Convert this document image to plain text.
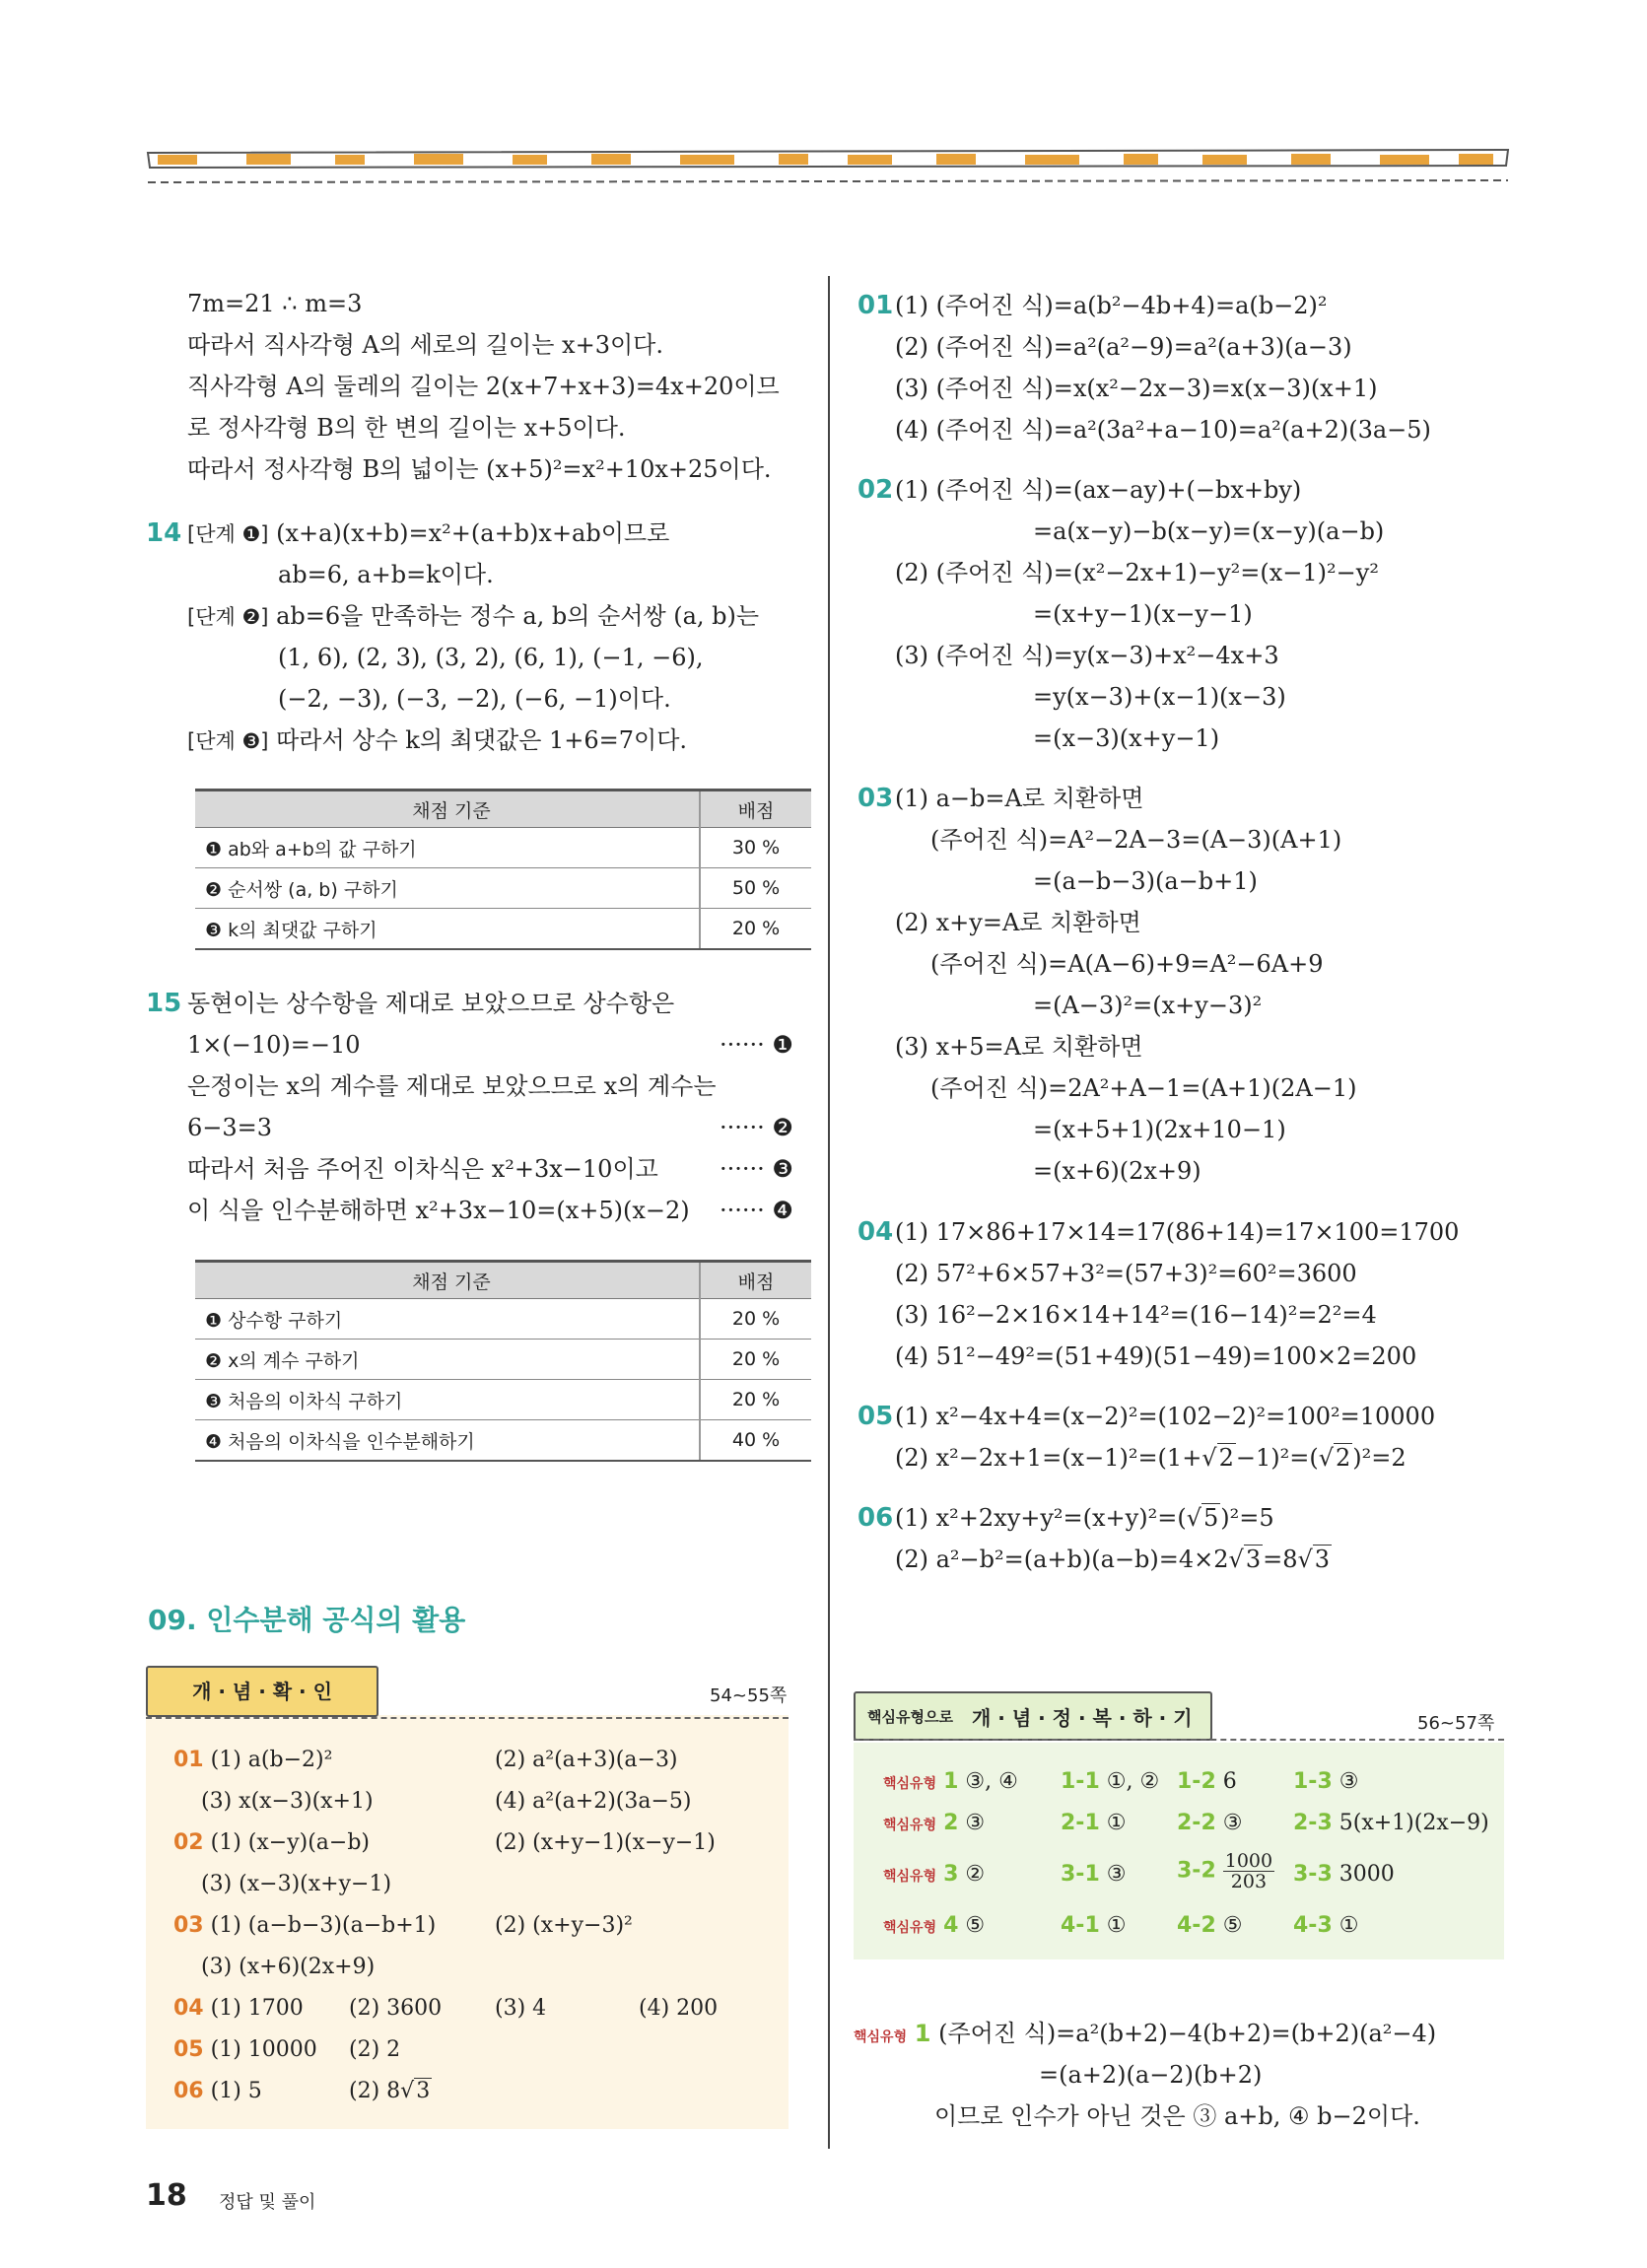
7m=21 ∴ m=3
따라서 직사각형 A의 세로의 길이는 x+3이다.
직사각형 A의 둘레의 길이는 2(x+7+x+3)=4x+20이므
로 정사각형 B의 한 변의 길이는 x+5이다.
따라서 정사각형 B의 넓이는 (x+5)²=x²+10x+25이다.
14 [단계 ❶] (x+a)(x+b)=x²+(a+b)x+ab이므로
ab=6, a+b=k이다.
[단계 ❷] ab=6을 만족하는 정수 a, b의 순서쌍 (a, b)는
(1, 6), (2, 3), (3, 2), (6, 1), (−1, −6),
(−2, −3), (−3, −2), (−6, −1)이다.
[단계 ❸] 따라서 상수 k의 최댓값은 1+6=7이다.
채점 기준	배점
❶ ab와 a+b의 값 구하기	30 %
❷ 순서쌍 (a, b) 구하기	50 %
❸ k의 최댓값 구하기	20 %
15 동현이는 상수항을 제대로 보았으므로 상수항은
1×(−10)=−10	······ ❶
은정이는 x의 계수를 제대로 보았으므로 x의 계수는
6−3=3	······ ❷
따라서 처음 주어진 이차식은 x²+3x−10이고	······ ❸
이 식을 인수분해하면 x²+3x−10=(x+5)(x−2) ······ ❹
채점 기준	배점
❶ 상수항 구하기	20 %
❷ x의 계수 구하기	20 %
❸ 처음의 이차식 구하기	20 %
❹ 처음의 이차식을 인수분해하기	40 %
09. 인수분해 공식의 활용
개 · 념 · 확 · 인	54~55쪽
01 (1) a(b−2)²	(2) a²(a+3)(a−3)
(3) x(x−3)(x+1)	(4) a²(a+2)(3a−5)
02 (1) (x−y)(a−b)	(2) (x+y−1)(x−y−1)
(3) (x−3)(x+y−1)
03 (1) (a−b−3)(a−b+1)	(2) (x+y−3)²
(3) (x+6)(2x+9)
04 (1) 1700 (2) 3600 (3) 4	(4) 200
05 (1) 10000 (2) 2
06 (1) 5	(2) 8√3
18 정답 및 풀이
01 (1) (주어진 식)=a(b²−4b+4)=a(b−2)²
(2) (주어진 식)=a²(a²−9)=a²(a+3)(a−3)
(3) (주어진 식)=x(x²−2x−3)=x(x−3)(x+1)
(4) (주어진 식)=a²(3a²+a−10)=a²(a+2)(3a−5)
02 (1) (주어진 식)=(ax−ay)+(−bx+by)
=a(x−y)−b(x−y)=(x−y)(a−b)
(2) (주어진 식)=(x²−2x+1)−y²=(x−1)²−y²
=(x+y−1)(x−y−1)
(3) (주어진 식)=y(x−3)+x²−4x+3
=y(x−3)+(x−1)(x−3)
=(x−3)(x+y−1)
03 (1) a−b=A로 치환하면
(주어진 식)=A²−2A−3=(A−3)(A+1)
=(a−b−3)(a−b+1)
(2) x+y=A로 치환하면
(주어진 식)=A(A−6)+9=A²−6A+9
=(A−3)²=(x+y−3)²
(3) x+5=A로 치환하면
(주어진 식)=2A²+A−1=(A+1)(2A−1)
=(x+5+1)(2x+10−1)
=(x+6)(2x+9)
04 (1) 17×86+17×14=17(86+14)=17×100=1700
(2) 57²+6×57+3²=(57+3)²=60²=3600
(3) 16²−2×16×14+14²=(16−14)²=2²=4
(4) 51²−49²=(51+49)(51−49)=100×2=200
05 (1) x²−4x+4=(x−2)²=(102−2)²=100²=10000
(2) x²−2x+1=(x−1)²=(1+√2−1)²=(√2)²=2
06 (1) x²+2xy+y²=(x+y)²=(√5)²=5
(2) a²−b²=(a+b)(a−b)=4×2√3=8√3
핵심유형으로 개 · 념 · 정 · 복 · 하 · 기	56~57쪽
핵심유형 1 ③, ④ 1-1 ①, ② 1-2 6	1-3 ③
핵심유형 2 ③	2-1 ① 2-2 ③ 2-3 5(x+1)(2x−9)
핵심유형 3 ②	3-1 ③ $3-2 \frac{1000}{203} 3-3$ 3000
핵심유형 4 ⑤	4-1 ① 4-2 ⑤ 4-3 ①
핵심유형 1 (주어진 식)=a²(b+2)−4(b+2)=(b+2)(a²−4)
=(a+2)(a−2)(b+2)
이므로 인수가 아닌 것은 ③ a+b, ④ b−2이다.
